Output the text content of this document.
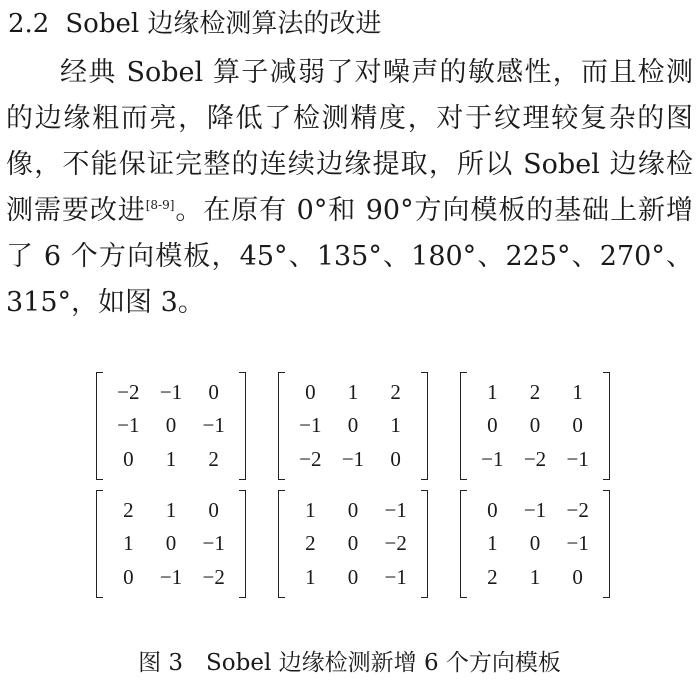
2.2 Sobel 边缘检测算法的改进

经典 Sobel 算子减弱了对噪声的敏感性，而且检测的边缘粗而亮，降低了检测精度，对于纹理较复杂的图像，不能保证完整的连续边缘提取，所以 Sobel 边缘检测需要改进[8-9]。在原有 0°和 90°方向模板的基础上新增了 6 个方向模板，45°、135°、180°、225°、270°、315°，如图 3。

−2 −1	0
−1	0	−1
0	1	2
0	1	2
−1	0	1
−2 −1	0
1	2	1
0	0	0
−1 −2 −1
2	1	0
1	0	−1
0	−1 −2
1	0	−1
2	0	−2
1	0	−1
0	−1 −2
1	0	−1
2	1	0
图 3　Sobel 边缘检测新增 6 个方向模板
